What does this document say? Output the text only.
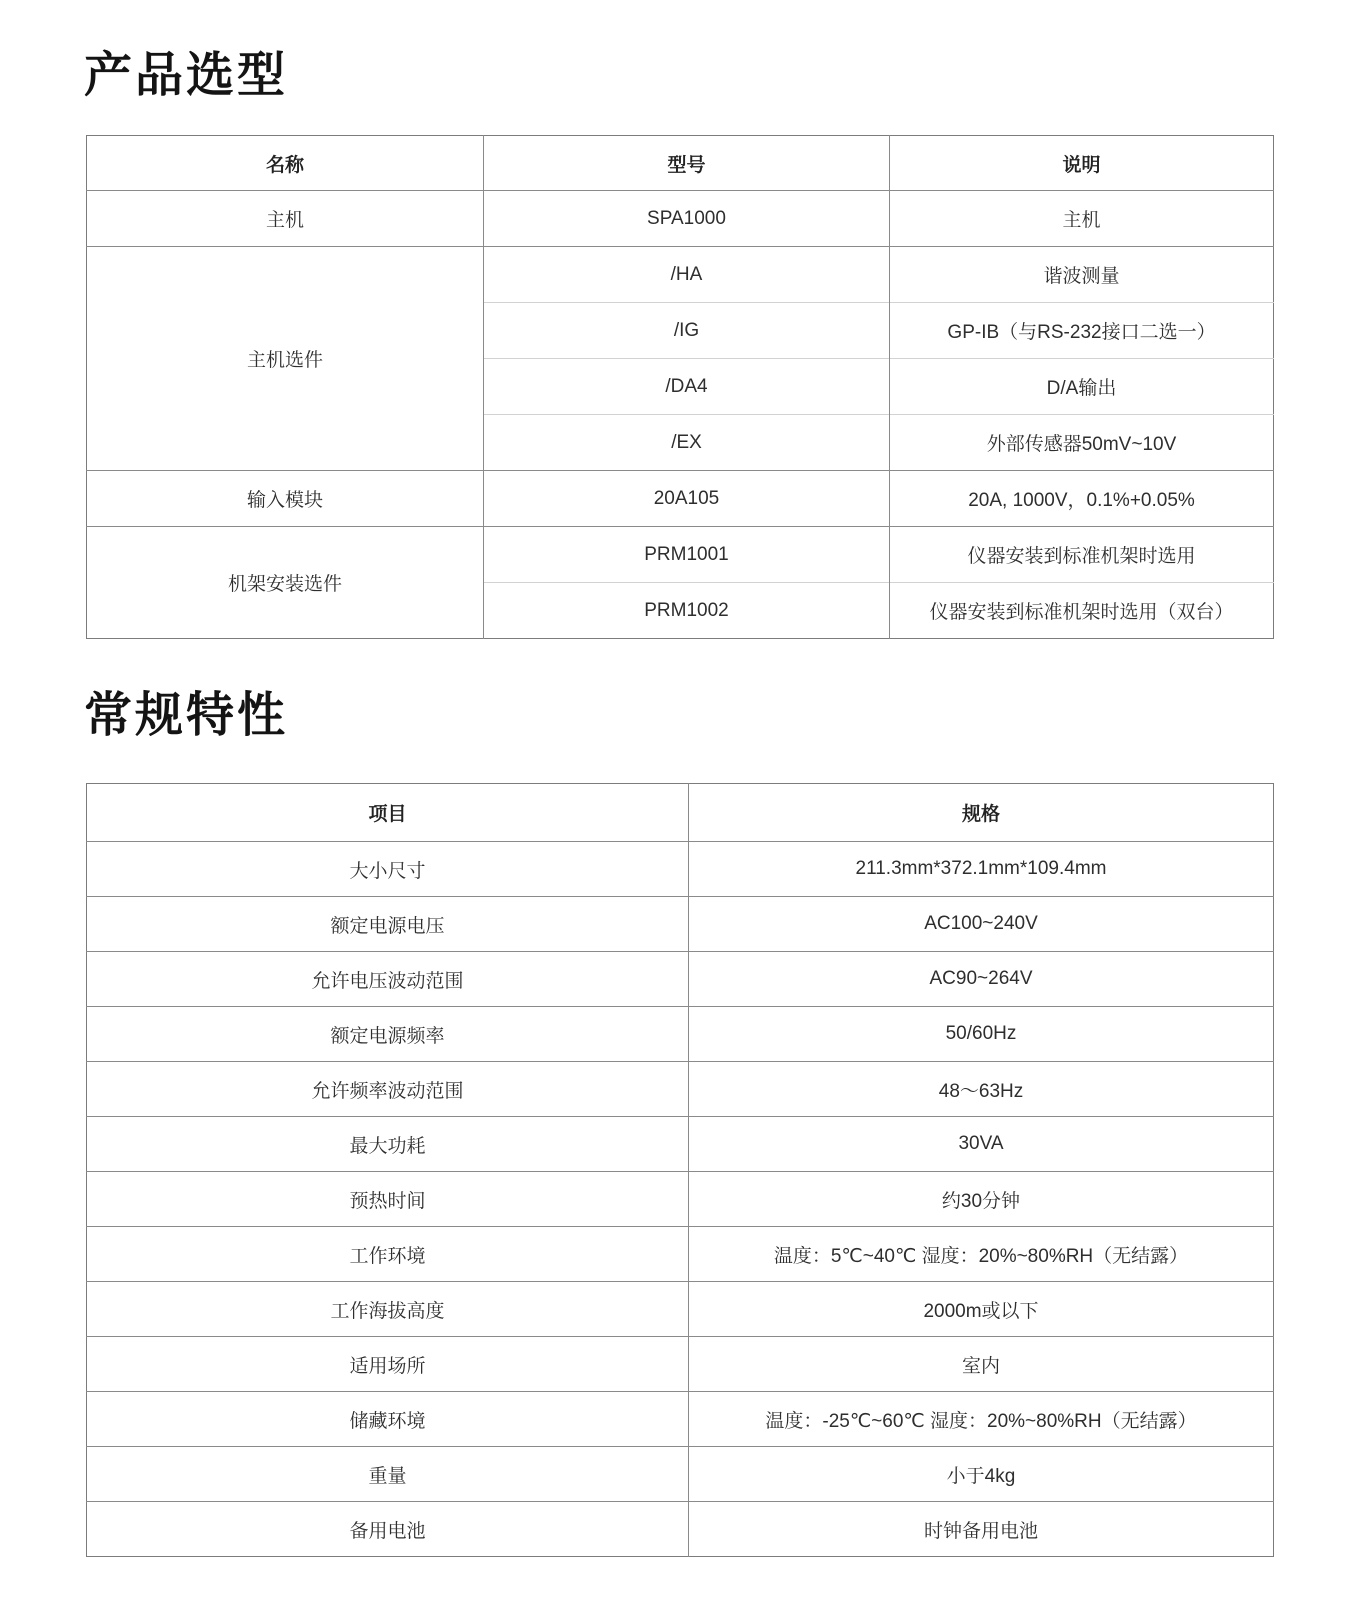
产品选型
名称	型号	说明
主机	SPA1000	主机
主机选件	/HA	谐波测量
	/IG	GP-IB（与RS-232接口二选一）
	/DA4	D/A输出
	/EX	外部传感器50mV~10V
输入模块	20A105	20A, 1000V，0.1%+0.05%
机架安装选件	PRM1001	仪器安装到标准机架时选用
	PRM1002	仪器安装到标准机架时选用（双台）
常规特性
项目	规格
大小尺寸	211.3mm*372.1mm*109.4mm
额定电源电压	AC100~240V
允许电压波动范围	AC90~264V
额定电源频率	50/60Hz
允许频率波动范围	48～63Hz
最大功耗	30VA
预热时间	约30分钟
工作环境	温度：5℃~40℃ 湿度：20%~80%RH（无结露）
工作海拔高度	2000m或以下
适用场所	室内
储藏环境	温度：-25℃~60℃ 湿度：20%~80%RH（无结露）
重量	小于4kg
备用电池	时钟备用电池
